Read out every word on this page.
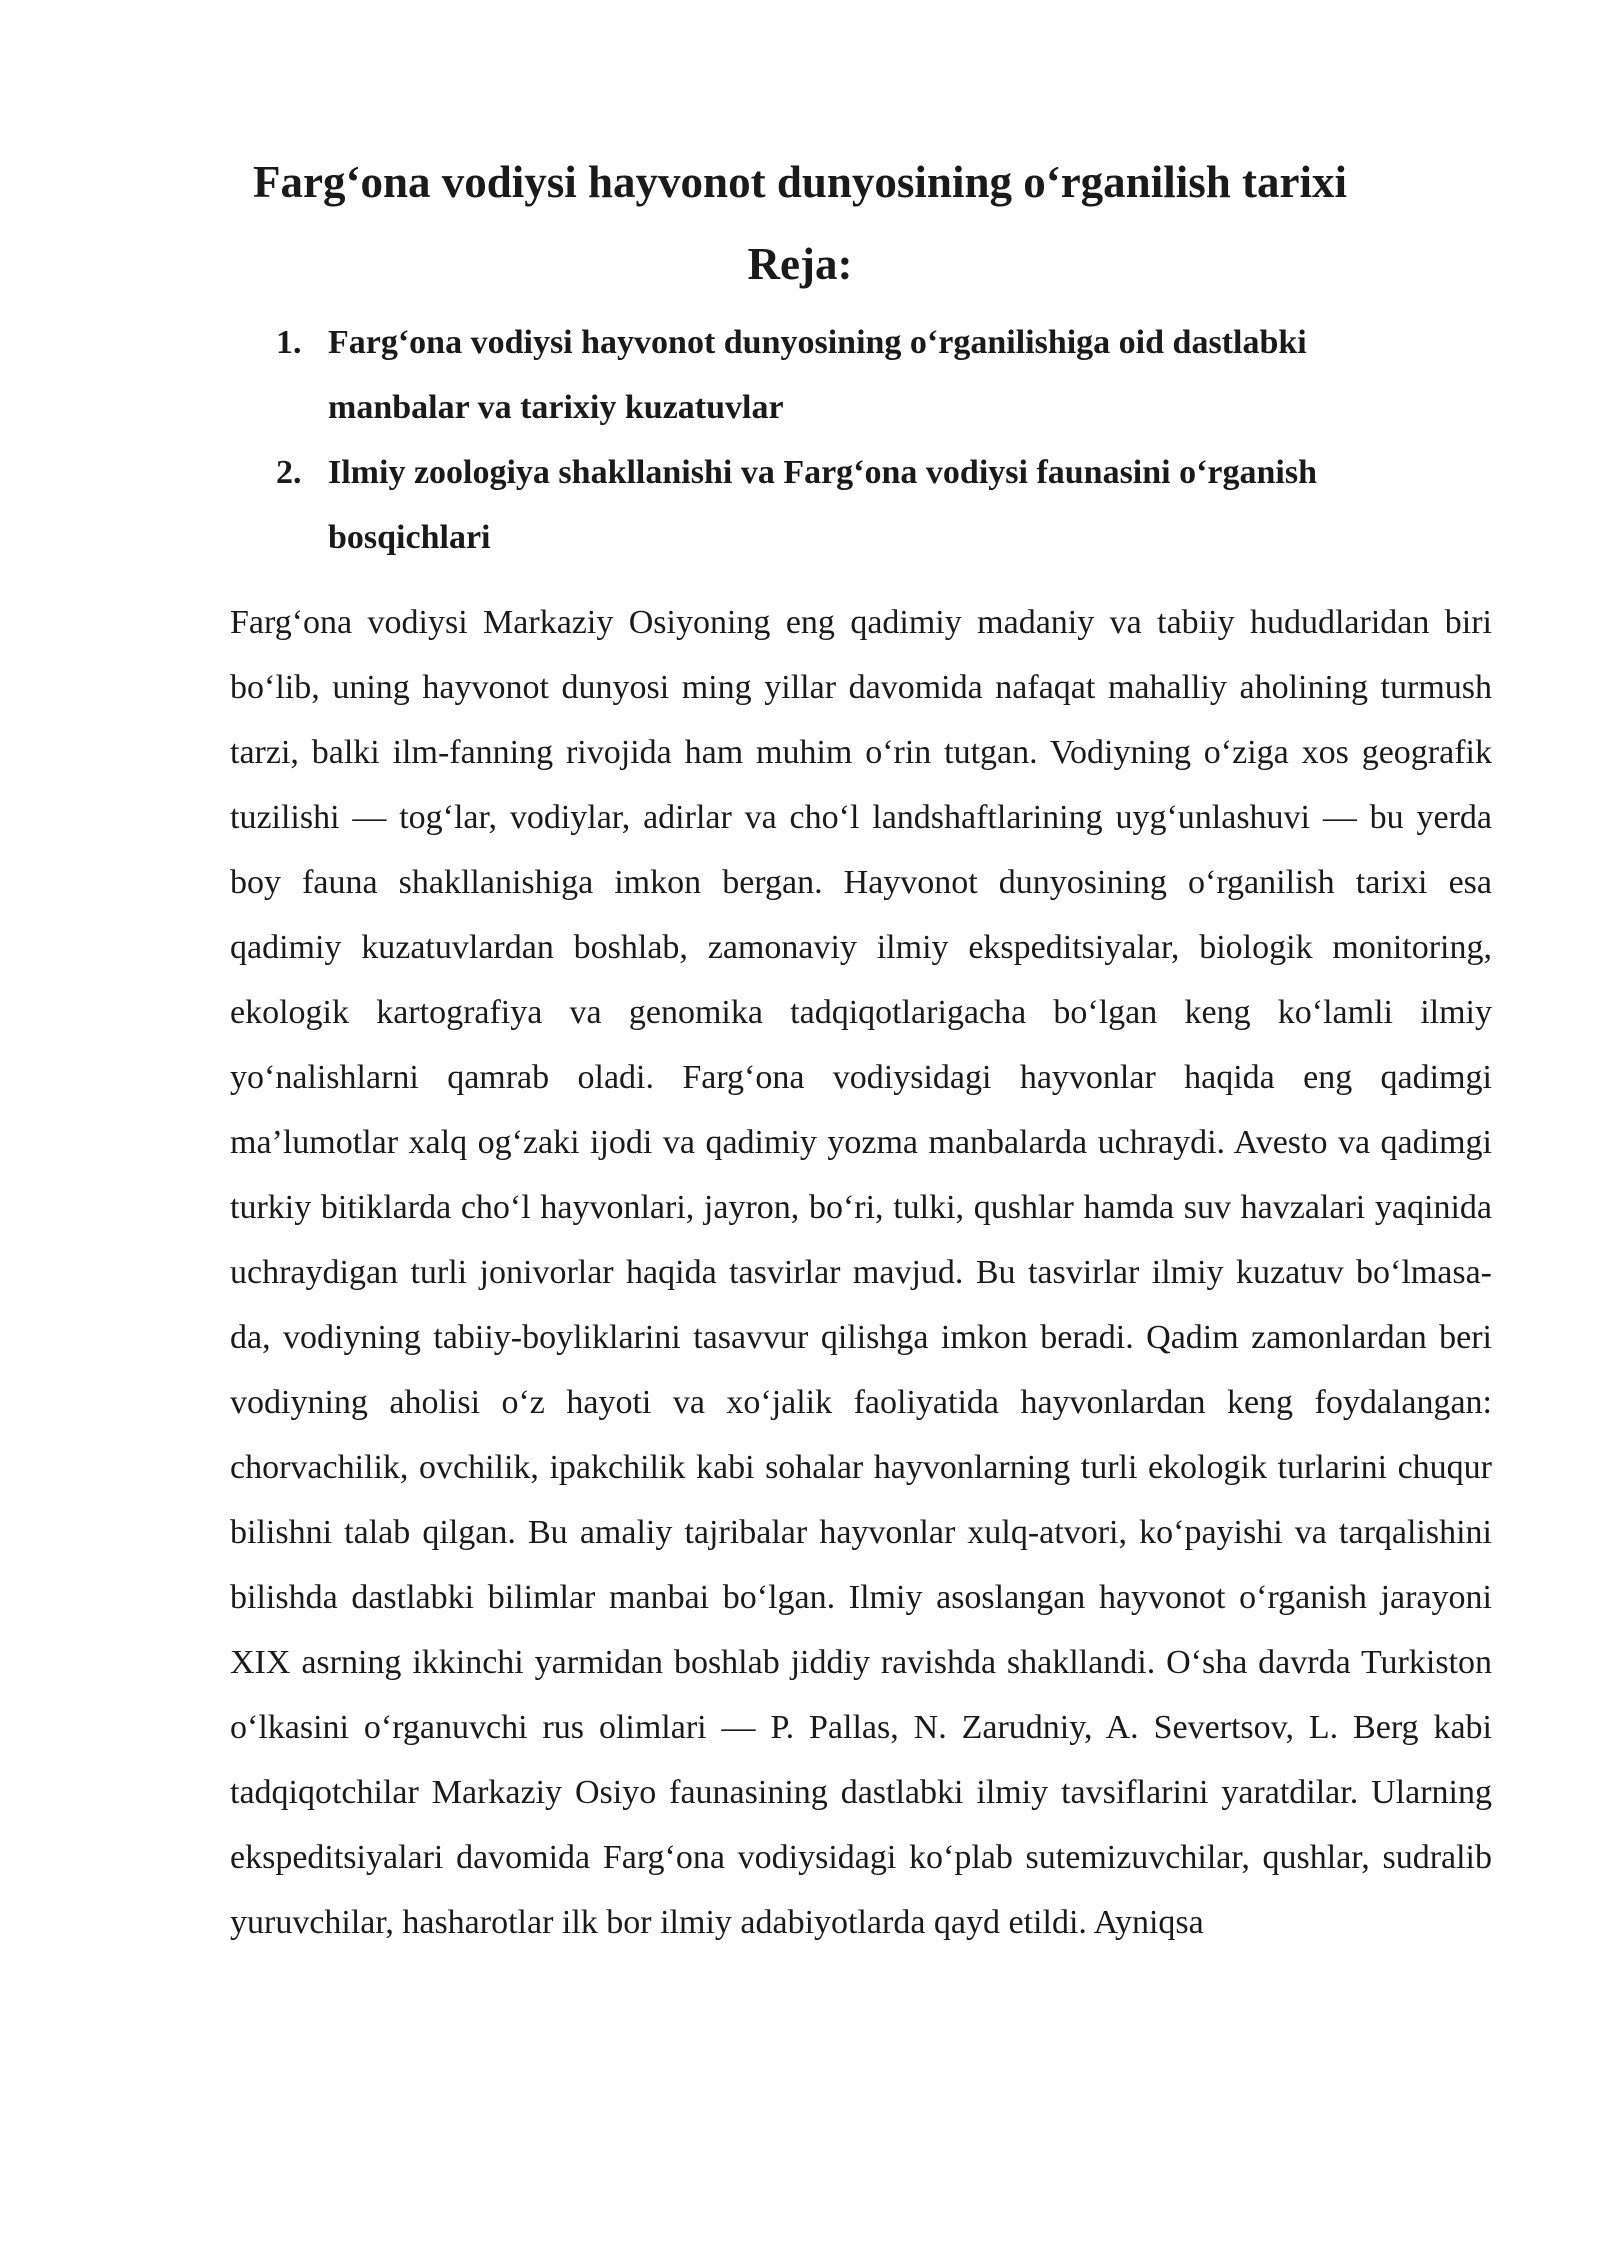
Farg‘ona vodiysi hayvonot dunyosining o‘rganilish tarixi
Reja:
1. Farg‘ona vodiysi hayvonot dunyosining o‘rganilishiga oid dastlabki manbalar va tarixiy kuzatuvlar
2. Ilmiy zoologiya shakllanishi va Farg‘ona vodiysi faunasini o‘rganish bosqichlari

Farg‘ona vodiysi Markaziy Osiyoning eng qadimiy madaniy va tabiiy hududlaridan biri bo‘lib, uning hayvonot dunyosi ming yillar davomida nafaqat mahalliy aholining turmush tarzi, balki ilm-fanning rivojida ham muhim o‘rin tutgan. Vodiyning o‘ziga xos geografik tuzilishi — tog‘lar, vodiylar, adirlar va cho‘l landshaftlarining uyg‘unlashuvi — bu yerda boy fauna shakllanishiga imkon bergan. Hayvonot dunyosining o‘rganilish tarixi esa qadimiy kuzatuvlardan boshlab, zamonaviy ilmiy ekspeditsiyalar, biologik monitoring, ekologik kartografiya va genomika tadqiqotlarigacha bo‘lgan keng ko‘lamli ilmiy yo‘nalishlarni qamrab oladi. Farg‘ona vodiysidagi hayvonlar haqida eng qadimgi ma’lumotlar xalq og‘zaki ijodi va qadimiy yozma manbalarda uchraydi. Avesto va qadimgi turkiy bitiklarda cho‘l hayvonlari, jayron, bo‘ri, tulki, qushlar hamda suv havzalari yaqinida uchraydigan turli jonivorlar haqida tasvirlar mavjud. Bu tasvirlar ilmiy kuzatuv bo‘lmasa-da, vodiyning tabiiy-boyliklarini tasavvur qilishga imkon beradi. Qadim zamonlardan beri vodiyning aholisi o‘z hayoti va xo‘jalik faoliyatida hayvonlardan keng foydalangan: chorvachilik, ovchilik, ipakchilik kabi sohalar hayvonlarning turli ekologik turlarini chuqur bilishni talab qilgan. Bu amaliy tajribalar hayvonlar xulq-atvori, ko‘payishi va tarqalishini bilishda dastlabki bilimlar manbai bo‘lgan. Ilmiy asoslangan hayvonot o‘rganish jarayoni XIX asrning ikkinchi yarmidan boshlab jiddiy ravishda shakllandi. O‘sha davrda Turkiston o‘lkasini o‘rganuvchi rus olimlari — P. Pallas, N. Zarudniy, A. Severtsov, L. Berg kabi tadqiqotchilar Markaziy Osiyo faunasining dastlabki ilmiy tavsiflarini yaratdilar. Ularning ekspeditsiyalari davomida Farg‘ona vodiysidagi ko‘plab sutemizuvchilar, qushlar, sudralib yuruvchilar, hasharotlar ilk bor ilmiy adabiyotlarda qayd etildi. Ayniqsa
